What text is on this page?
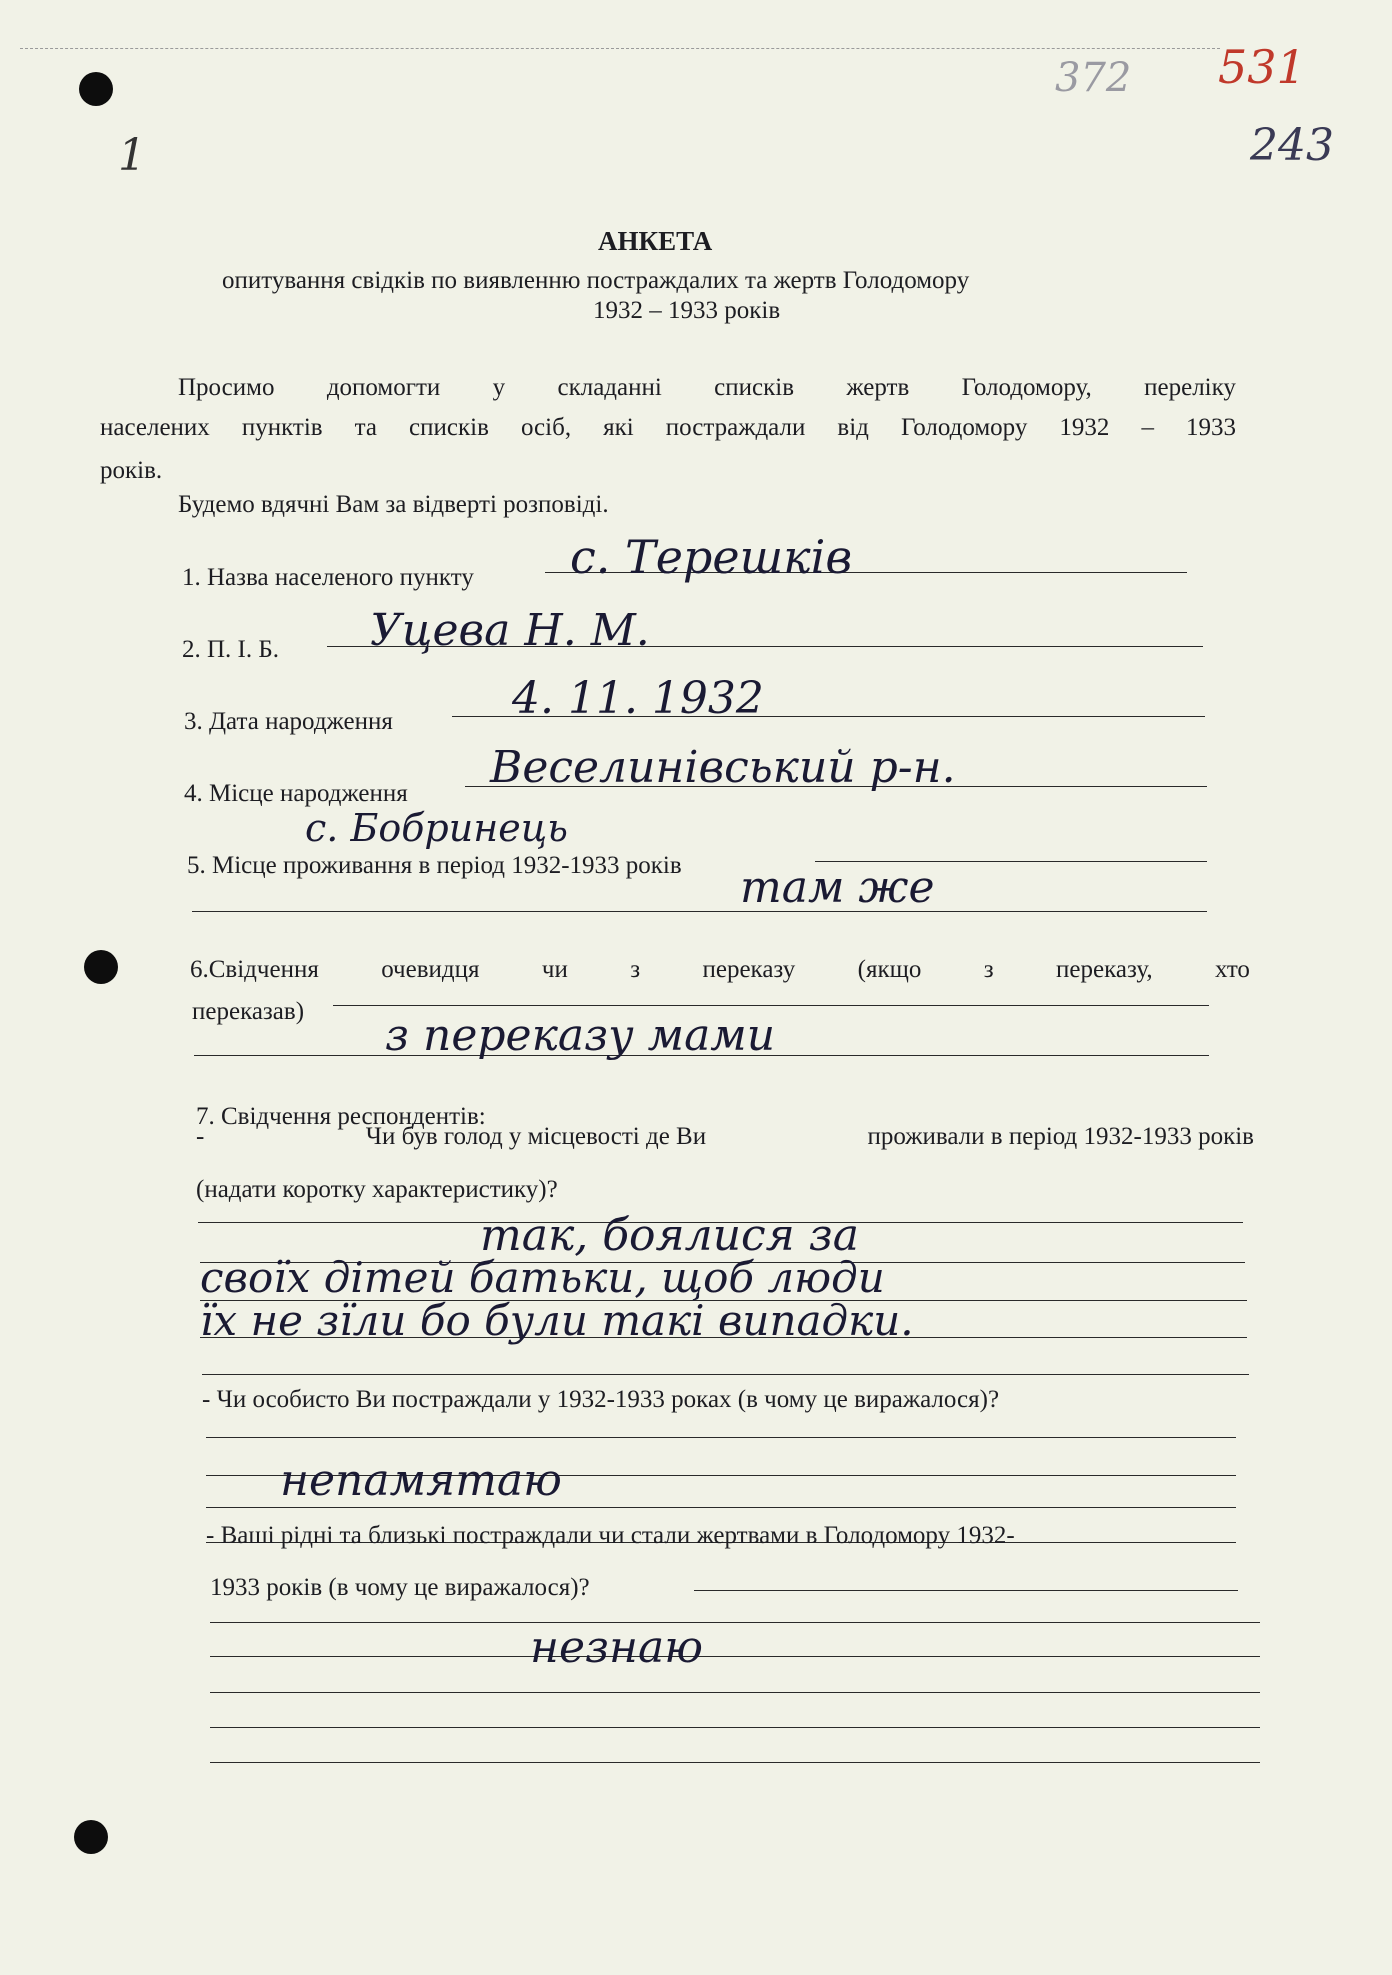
1
372 531
243
АНКЕТА
опитування свідків по виявленню постраждалих та жертв Голодомору
1932 – 1933 років
Просимо допомогти у складанні списків жертв Голодомору, переліку
населених пунктів та списків осіб, які постраждали від Голодомору 1932 – 1933
років.
Будемо вдячні Вам за відверті розповіді.
1. Назва населеного пункту с. Терешкiв
2. П. І. Б. Уцева Н. М.
3. Дата народження	4. 11. 1932
4. Місце народження
Веселинiвський р-н.
с. Бобринець
5. Місце проживання в період 1932-1933 років там же
6.Свідчення очевидця чи з переказу (якщо з переказу, хто
переказав) з переказу мами
7. Свідчення респондентів:
-	Чи був голод у місцевості де Ви	проживали в період 1932-1933 років
(надати коротку характеристику)?
так, боялися за
своїх дітей батьки, щоб люди
їх не зїли бо були такі випадки.
- Чи особисто Ви постраждали у 1932-1933 роках (в чому це виражалося)?
непамятаю
- Ваші рідні та близькі постраждали чи стали жертвами в Голодомору 1932-
1933 років (в чому це виражалося)?
незнаю
